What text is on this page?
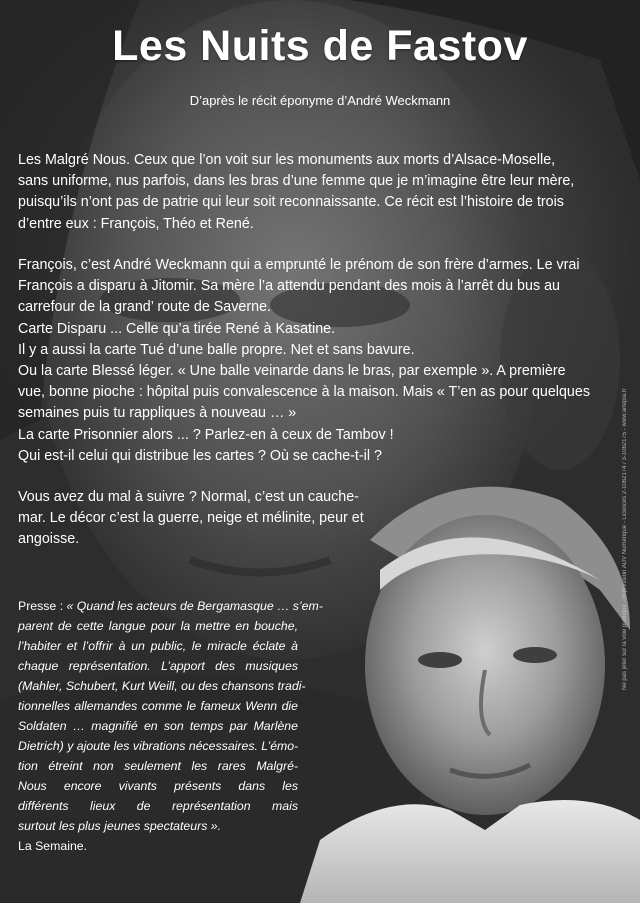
Les Nuits de Fastov
D’après le récit éponyme d’André Weckmann
Les Malgré Nous. Ceux que l’on voit sur les monuments aux morts d’Alsace-Moselle,
sans uniforme, nus parfois, dans les bras d’une femme que je m’imagine être leur mère,
puisqu’ils n’ont pas de patrie qui leur soit reconnaissante. Ce récit est l’histoire de trois
d’entre eux : François, Théo et René.
François, c’est André Weckmann qui a emprunté le prénom de son frère d’armes. Le vrai
François a disparu à Jitomir. Sa mère l’a attendu pendant des mois à l’arrêt du bus au
carrefour de la grand’ route de Saverne.
Carte Disparu ... Celle qu’a tirée René à Kasatine.
Il y a aussi la carte Tué d’une balle propre. Net et sans bavure.
Ou la carte Blessé léger. « Une balle veinarde dans le bras, par exemple ». A première
vue, bonne pioche : hôpital puis convalescence à la maison. Mais « T’en as pour quelques
semaines puis tu rappliques à nouveau … »
La carte Prisonnier alors ... ? Parlez-en à ceux de Tambov !
Qui est-il celui qui distribue les cartes ? Où se cache-t-il ?
Vous avez du mal à suivre ? Normal, c’est un cauche-
mar. Le décor c’est la guerre, neige et mélinite, peur et
angoisse.
Presse : « Quand les acteurs de Bergamasque … s’em-
parent de cette langue pour la mettre en bouche,
l’habiter et l’offrir à un public, le miracle éclate à
chaque représentation. L’apport des musiques
(Mahler, Schubert, Kurt Weill, ou des chansons tradi-
tionnelles allemandes comme le fameux Wenn die
Soldaten … magnifié en son temps par Marlène
Dietrich) y ajoute les vibrations nécessaires. L’émo-
tion étreint non seulement les rares Malgré-
Nous encore vivants présents dans les
différents lieux de représentation mais
surtout les plus jeunes spectateurs ».
La Semaine.
Ne pas jeter sur la voie publique - Impression ADV Numérique - Licences 2-1062174 / 3-1062175 - www.artepia.fr
